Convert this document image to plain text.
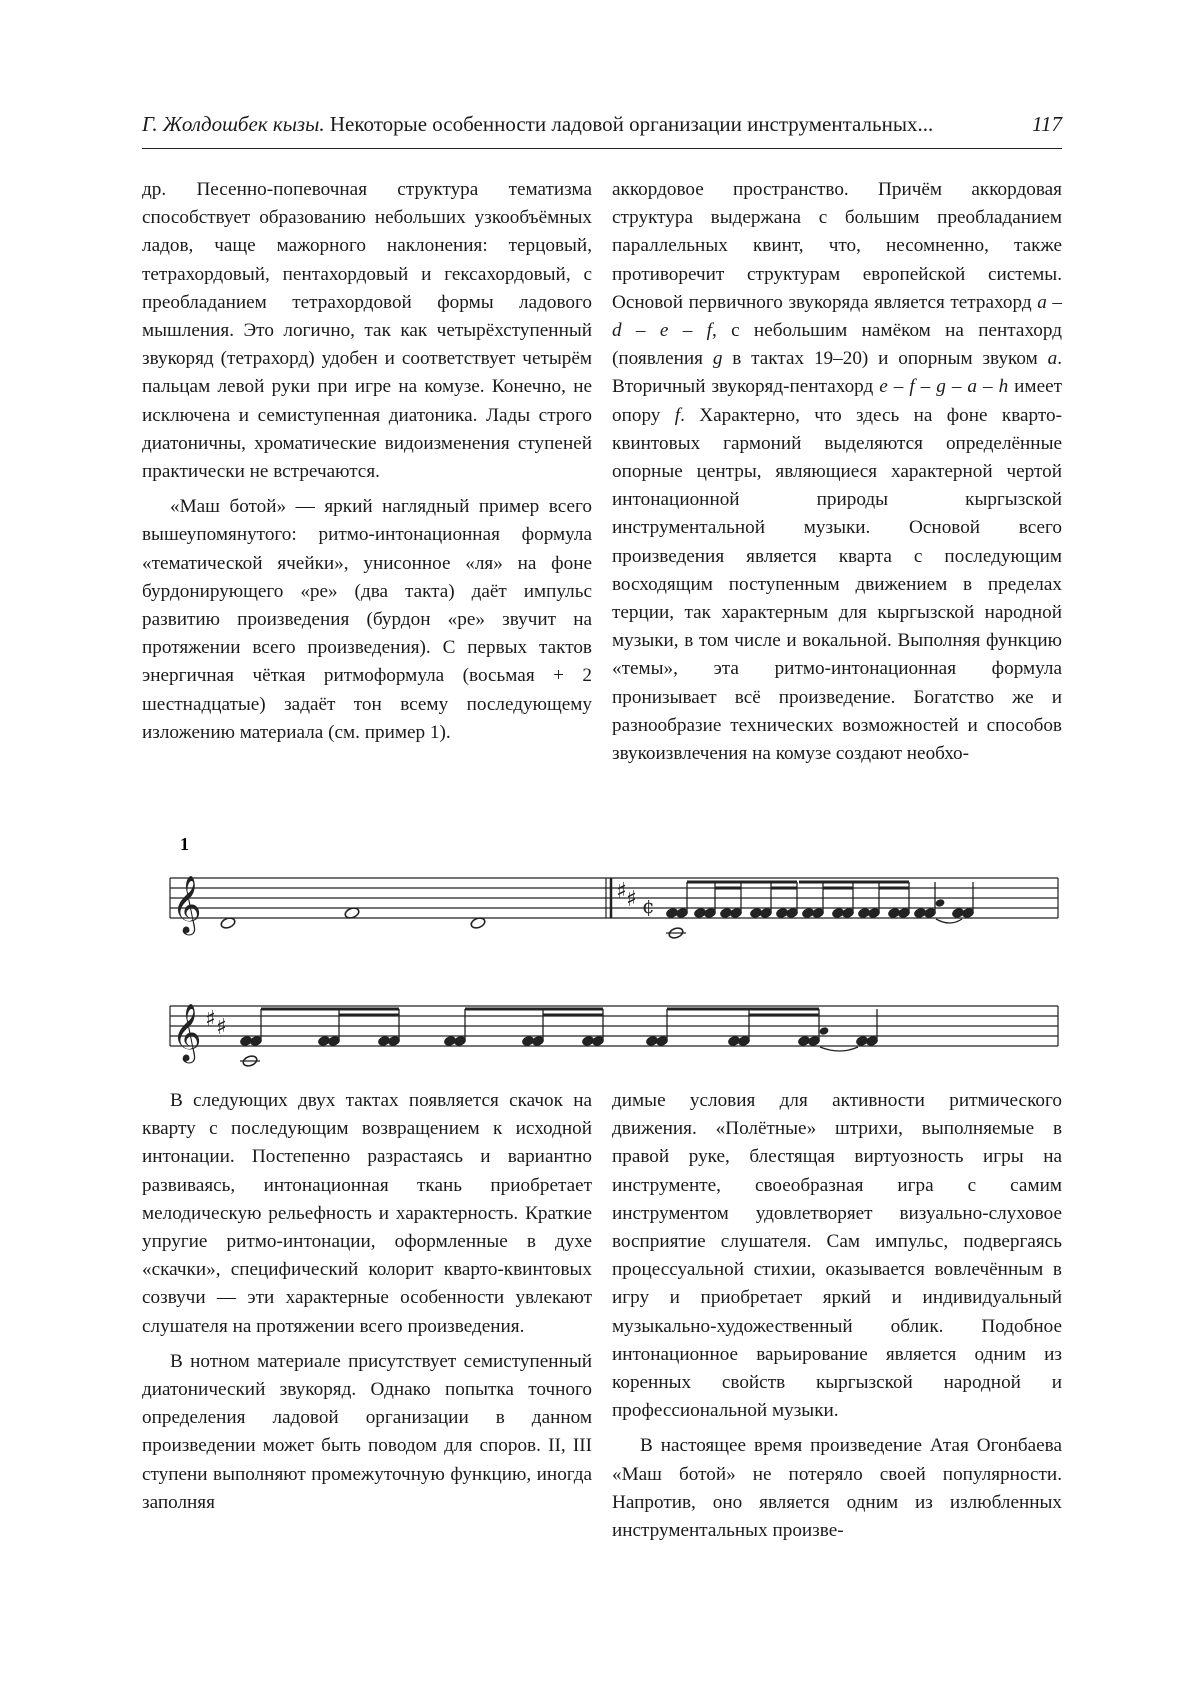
Г. Жолдошбек кызы. Некоторые особенности ладовой организации инструментальных...	117

др. Песенно-попевочная структура тематизма способствует образованию небольших узкообъёмных ладов, чаще мажорного наклонения: терцовый, тетрахордовый, пентахордовый и гексахордовый, с преобладанием тетрахордовой формы ладового мышления. Это логично, так как четырёхступенный звукоряд (тетрахорд) удобен и соответствует четырём пальцам левой руки при игре на комузе. Конечно, не исключена и семиступенная диатоника. Лады строго диатоничны, хроматические видоизменения ступеней практически не встречаются.

«Маш ботой» — яркий наглядный пример всего вышеупомянутого: ритмо-интонационная формула «тематической ячейки», унисонное «ля» на фоне бурдонирующего «ре» (два такта) даёт импульс развитию произведения (бурдон «ре» звучит на протяжении всего произведения). С первых тактов энергичная чёткая ритмоформула (восьмая + 2 шестнадцатые) задаёт тон всему последующему изложению материала (см. пример 1).

аккордовое пространство. Причём аккордовая структура выдержана с большим преобладанием параллельных квинт, что, несомненно, также противоречит структурам европейской системы. Основой первичного звукоряда является тетрахорд a – d – e – f, с небольшим намёком на пентахорд (появления g в тактах 19–20) и опорным звуком a. Вторичный звукоряд-пентахорд e – f – g – a – h имеет опору f. Характерно, что здесь на фоне кварто-квинтовых гармоний выделяются определённые опорные центры, являющиеся характерной чертой интонационной природы кыргызской инструментальной музыки. Основой всего произведения является кварта с последующим восходящим поступенным движением в пределах терции, так характерным для кыргызской народной музыки, в том числе и вокальной. Выполняя функцию «темы», эта ритмо-интонационная формула пронизывает всё произведение. Богатство же и разнообразие технических возможностей и способов звукоизвлечения на комузе создают необхо-

1
𝄞	♯ ♯ ¢
𝄞 ♯ ♯

В следующих двух тактах появляется скачок на кварту с последующим возвращением к исходной интонации. Постепенно разрастаясь и вариантно развиваясь, интонационная ткань приобретает мелодическую рельефность и характерность. Краткие упругие ритмо-интонации, оформленные в духе «скачки», специфический колорит кварто-квинтовых созвучи — эти характерные особенности увлекают слушателя на протяжении всего произведения.

В нотном материале присутствует семиступенный диатонический звукоряд. Однако попытка точного определения ладовой организации в данном произведении может быть поводом для споров. II, III ступени выполняют промежуточную функцию, иногда заполняя

димые условия для активности ритмического движения. «Полётные» штрихи, выполняемые в правой руке, блестящая виртуозность игры на инструменте, своеобразная игра с самим инструментом удовлетворяет визуально-слуховое восприятие слушателя. Сам импульс, подвергаясь процессуальной стихии, оказывается вовлечённым в игру и приобретает яркий и индивидуальный музыкально-художественный облик. Подобное интонационное варьирование является одним из коренных свойств кыргызской народной и профессиональной музыки.

В настоящее время произведение Атая Огонбаева «Маш ботой» не потеряло своей популярности. Напротив, оно является одним из излюбленных инструментальных произве-
